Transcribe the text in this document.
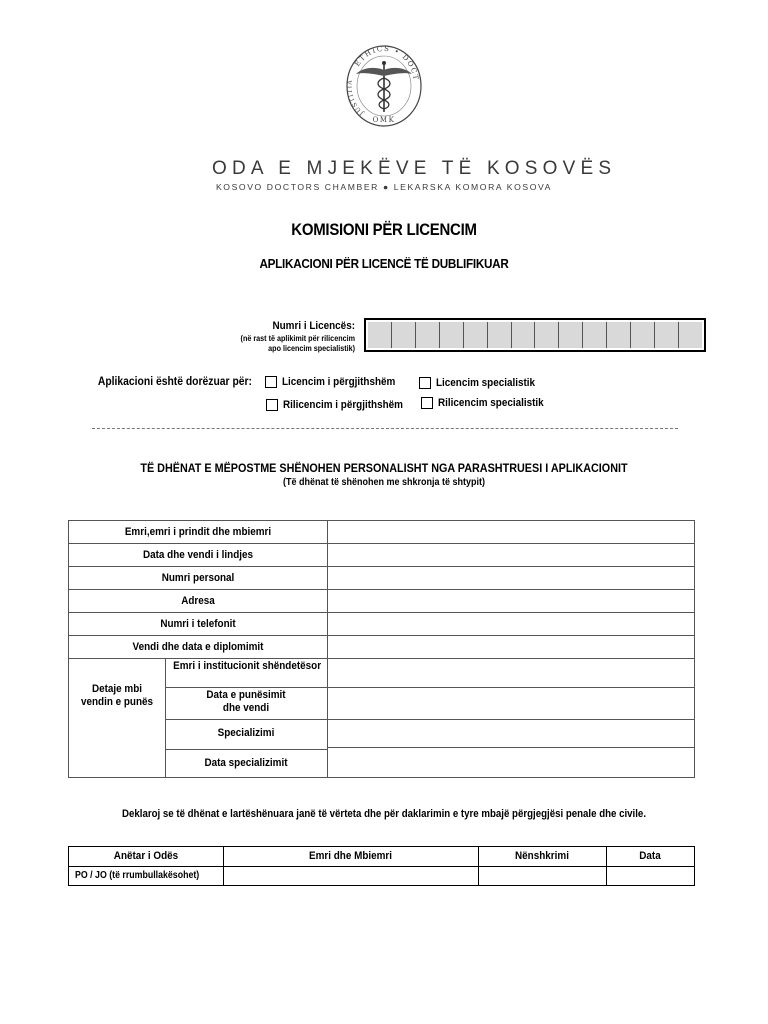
ETHICS • DOCT
JUSTITIA
OMK
ODA E MJEKËVE TË KOSOVËS
KOSOVO DOCTORS CHAMBER ● LEKARSKA KOMORA KOSOVA
KOMISIONI PËR LICENCIM
APLIKACIONI PËR LICENCË TË DUBLIFIKUAR
Numri i Licencës:
(në rast të aplikimit për rilicencim
apo licencim specialistik)
Aplikacioni është dorëzuar për:	Licencim i përgjithshëm	Licencim specialistik
Rilicencim i përgjithshëm	Rilicencim specialistik
TË DHËNAT E MËPOSTME SHËNOHEN PERSONALISHT NGA PARASHTRUESI I APLIKACIONIT
(Të dhënat të shënohen me shkronja të shtypit)
Emri,emri i prindit dhe mbiemri
Data dhe vendi i lindjes
Numri personal
Adresa
Numri i telefonit
Vendi dhe data e diplomimit
Detaje mbi
vendin e punës
Emri i institucionit shëndetësor
Data e punësimit
dhe vendi
Specializimi
Data specializimit
Deklaroj se të dhënat e lartëshënuara janë të vërteta dhe për daklarimin e tyre mbajë përgjegjësi penale dhe civile.
Anëtar i Odës	Emri dhe Mbiemri	Nënshkrimi	Data
PO / JO (të rrumbullakësohet)
